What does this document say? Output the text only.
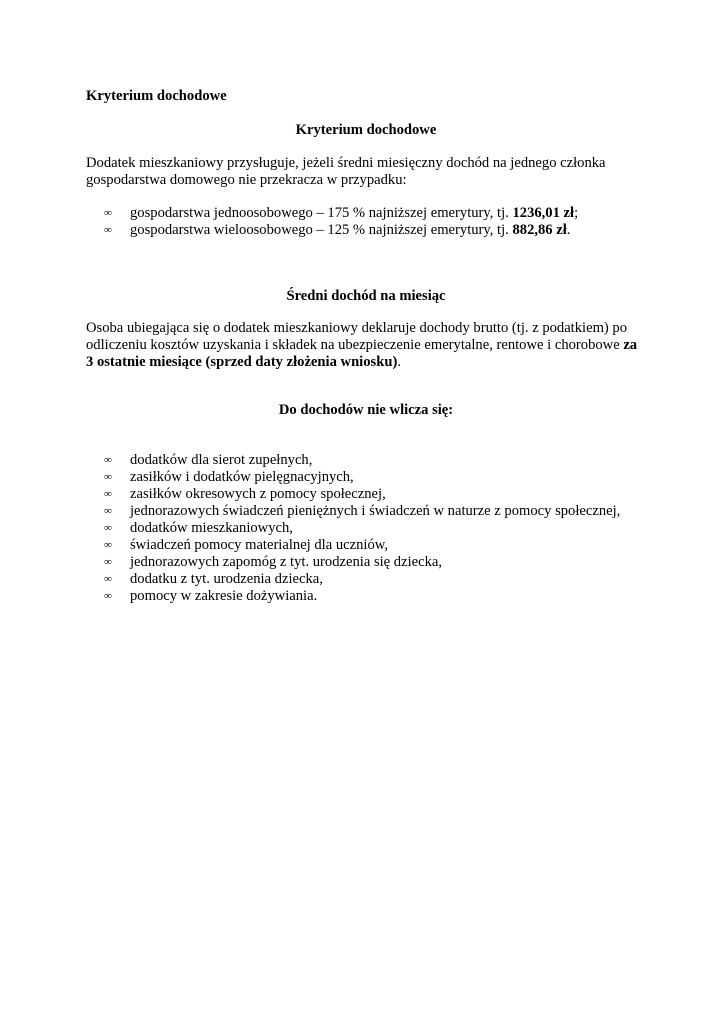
Kryterium dochodowe

Kryterium dochodowe

Dodatek mieszkaniowy przysługuje, jeżeli średni miesięczny dochód na jednego członka gospodarstwa domowego nie przekracza w przypadku:

∞ gospodarstwa jednoosobowego – 175 % najniższej emerytury, tj. 1236,01 zł;
∞ gospodarstwa wieloosobowego – 125 % najniższej emerytury, tj. 882,86 zł.

Średni dochód na miesiąc

Osoba ubiegająca się o dodatek mieszkaniowy deklaruje dochody brutto (tj. z podatkiem) po odliczeniu kosztów uzyskania i składek na ubezpieczenie emerytalne, rentowe i chorobowe za 3 ostatnie miesiące (sprzed daty złożenia wniosku).

Do dochodów nie wlicza się:

∞ dodatków dla sierot zupełnych,
∞ zasiłków i dodatków pielęgnacyjnych,
∞ zasiłków okresowych z pomocy społecznej,
∞ jednorazowych świadczeń pieniężnych i świadczeń w naturze z pomocy społecznej,
∞ dodatków mieszkaniowych,
∞ świadczeń pomocy materialnej dla uczniów,
∞ jednorazowych zapomóg z tyt. urodzenia się dziecka,
∞ dodatku z tyt. urodzenia dziecka,
∞ pomocy w zakresie dożywiania.
